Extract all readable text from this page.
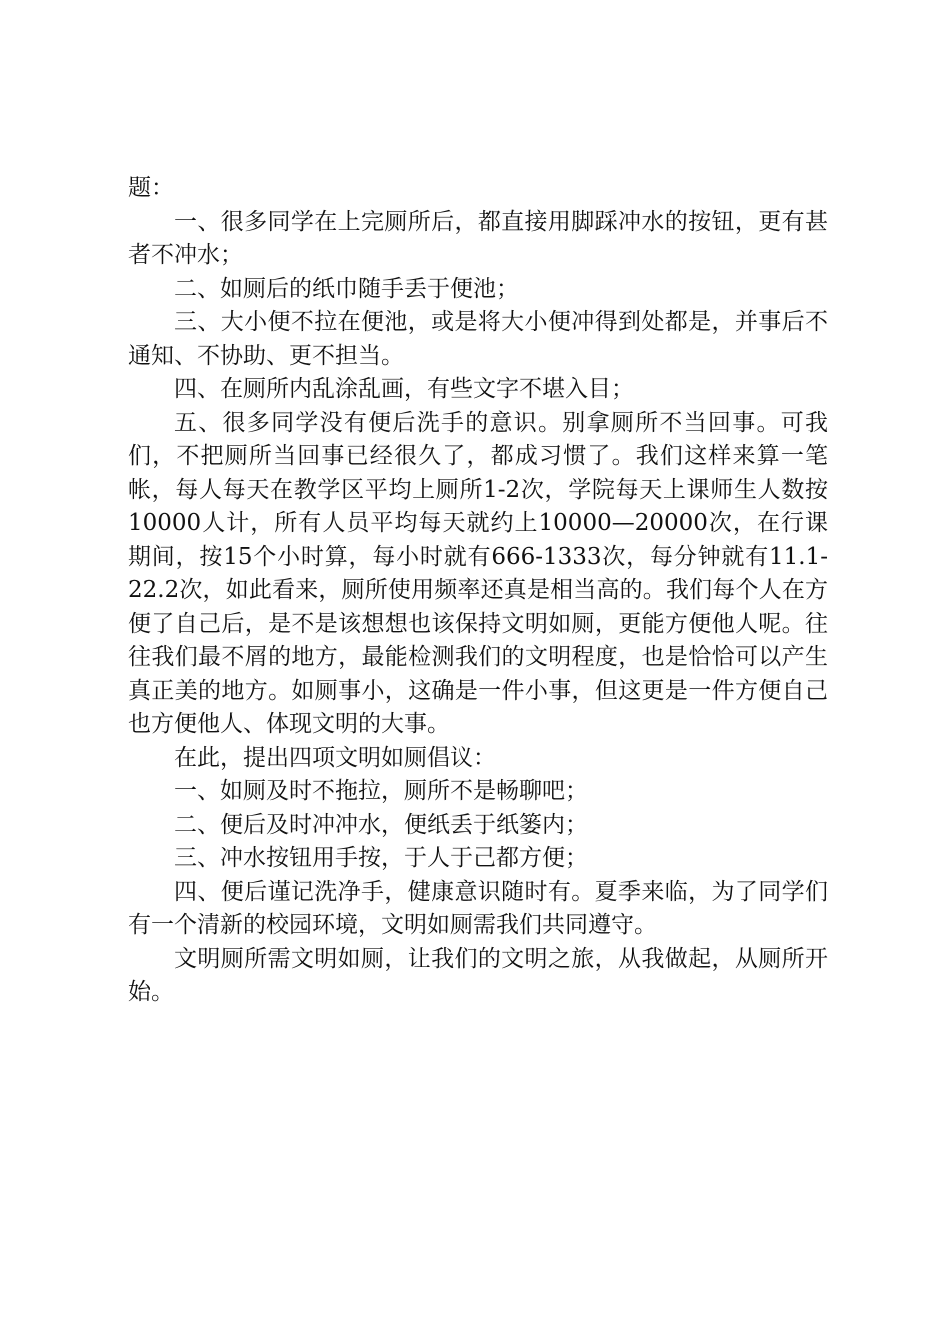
题：

一、很多同学在上完厕所后，都直接用脚踩冲水的按钮，更有甚者不冲水；

二、如厕后的纸巾随手丢于便池；

三、大小便不拉在便池，或是将大小便冲得到处都是，并事后不通知、不协助、更不担当。

四、在厕所内乱涂乱画，有些文字不堪入目；

五、很多同学没有便后洗手的意识。别拿厕所不当回事。可我们，不把厕所当回事已经很久了，都成习惯了。我们这样来算一笔帐，每人每天在教学区平均上厕所1-2次，学院每天上课师生人数按10000人计，所有人员平均每天就约上10000—20000次，在行课期间，按15个小时算，每小时就有666-1333次，每分钟就有11.1-22.2次，如此看来，厕所使用频率还真是相当高的。我们每个人在方便了自己后，是不是该想想也该保持文明如厕，更能方便他人呢。往往我们最不屑的地方，最能检测我们的文明程度，也是恰恰可以产生真正美的地方。如厕事小，这确是一件小事，但这更是一件方便自己也方便他人、体现文明的大事。

在此，提出四项文明如厕倡议：

一、如厕及时不拖拉，厕所不是畅聊吧；

二、便后及时冲冲水，便纸丢于纸篓内；

三、冲水按钮用手按，于人于己都方便；

四、便后谨记洗净手，健康意识随时有。夏季来临，为了同学们有一个清新的校园环境，文明如厕需我们共同遵守。

文明厕所需文明如厕，让我们的文明之旅，从我做起，从厕所开始。
